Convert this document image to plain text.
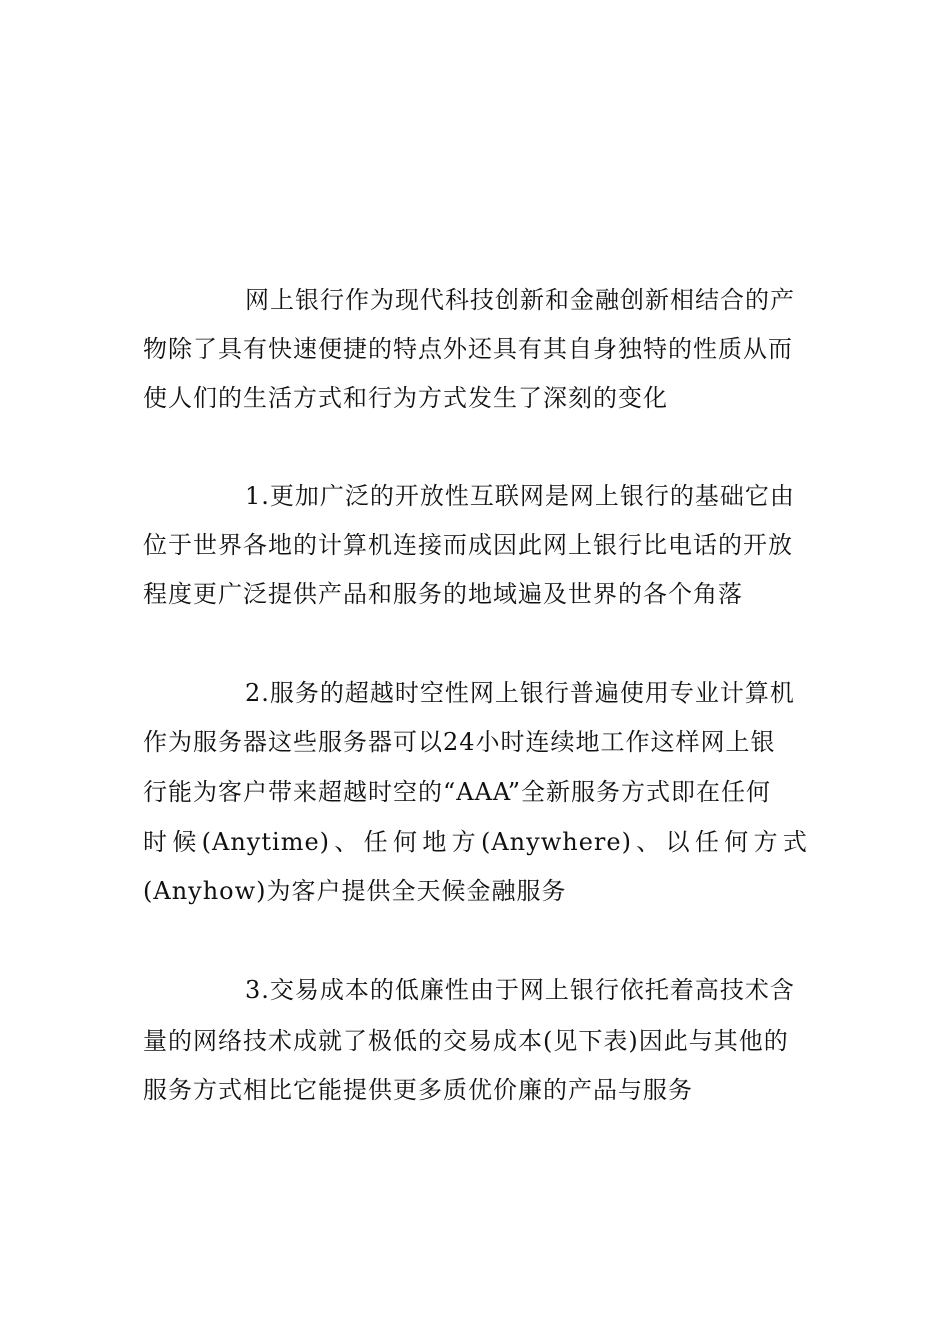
网上银行作为现代科技创新和金融创新相结合的产
物除了具有快速便捷的特点外还具有其自身独特的性质从而
使人们的生活方式和行为方式发生了深刻的变化
1.更加广泛的开放性互联网是网上银行的基础它由
位于世界各地的计算机连接而成因此网上银行比电话的开放
程度更广泛提供产品和服务的地域遍及世界的各个角落
2.服务的超越时空性网上银行普遍使用专业计算机
作为服务器这些服务器可以24小时连续地工作这样网上银
行能为客户带来超越时空的“AAA”全新服务方式即在任何
时 候 (Anytime) 、 任 何 地 方 (Anywhere) 、 以 任 何 方 式
(Anyhow)为客户提供全天候金融服务
3.交易成本的低廉性由于网上银行依托着高技术含
量的网络技术成就了极低的交易成本(见下表)因此与其他的
服务方式相比它能提供更多质优价廉的产品与服务
